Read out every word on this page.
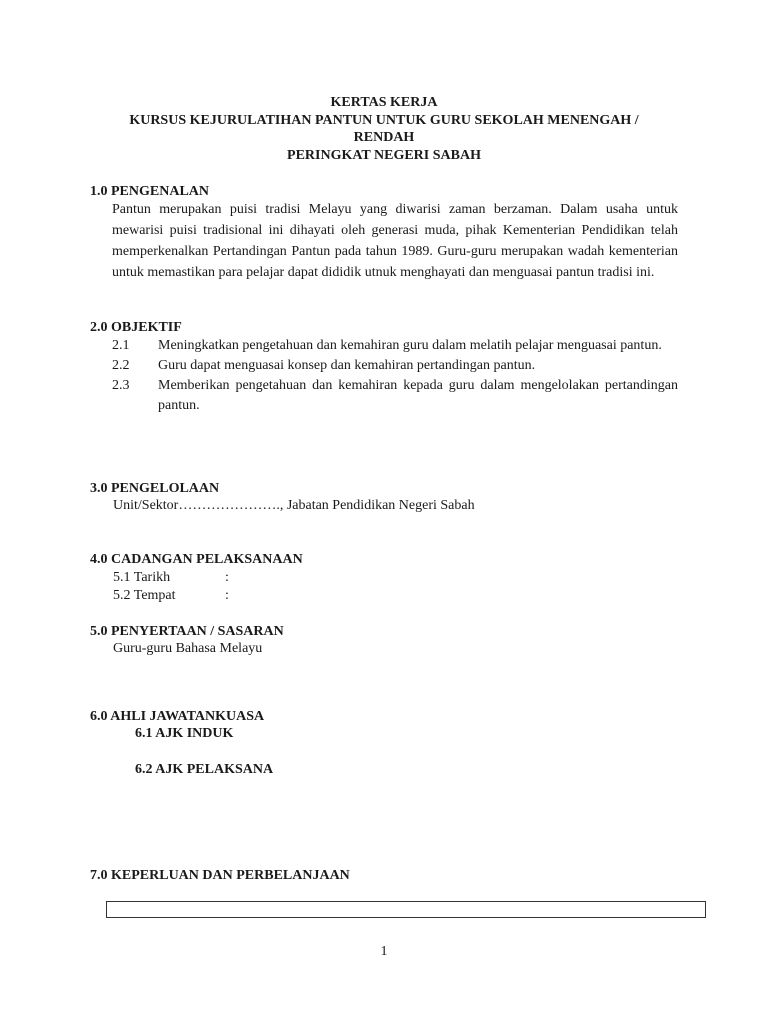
KERTAS KERJA
KURSUS KEJURULATIHAN PANTUN UNTUK GURU SEKOLAH MENENGAH /
RENDAH
PERINGKAT NEGERI SABAH
1.0 PENGENALAN
Pantun merupakan puisi tradisi Melayu yang diwarisi zaman berzaman. Dalam usaha untuk mewarisi puisi tradisional ini dihayati oleh generasi muda, pihak Kementerian Pendidikan telah memperkenalkan Pertandingan Pantun pada tahun 1989. Guru-guru merupakan wadah kementerian untuk memastikan para pelajar dapat dididik utnuk menghayati dan menguasai pantun tradisi ini.
2.0 OBJEKTIF
2.1 Meningkatkan pengetahuan dan kemahiran guru dalam melatih pelajar menguasai pantun.
2.2 Guru dapat menguasai konsep dan kemahiran pertandingan pantun.
2.3 Memberikan pengetahuan dan kemahiran kepada guru dalam mengelolakan pertandingan pantun.
3.0 PENGELOLAAN
Unit/Sektor…………………., Jabatan Pendidikan Negeri Sabah
4.0 CADANGAN PELAKSANAAN
5.1 Tarikh	:
5.2 Tempat	:
5.0 PENYERTAAN / SASARAN
Guru-guru Bahasa Melayu
6.0 AHLI JAWATANKUASA
6.1 AJK INDUK
6.2 AJK PELAKSANA
7.0 KEPERLUAN DAN PERBELANJAAN
1
